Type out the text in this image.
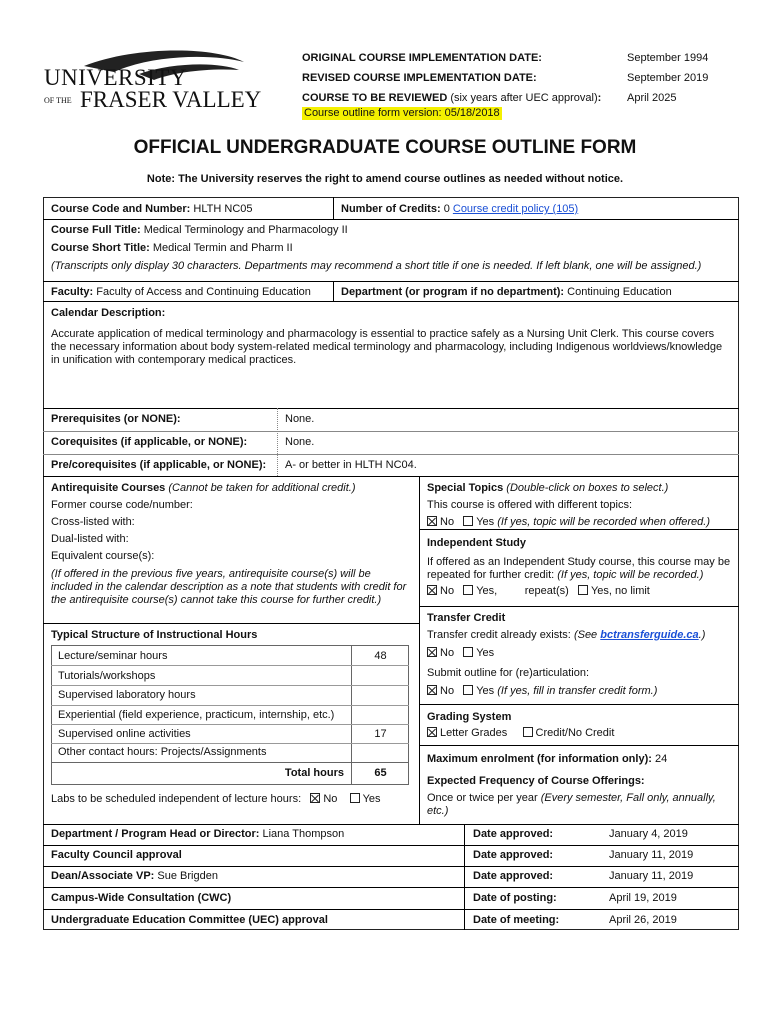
UNIVERSITY
OF THE FRASER VALLEY
ORIGINAL COURSE IMPLEMENTATION DATE:	September 1994
REVISED COURSE IMPLEMENTATION DATE:	September 2019
COURSE TO BE REVIEWED (six years after UEC approval): April 2025
Course outline form version: 05/18/2018
OFFICIAL UNDERGRADUATE COURSE OUTLINE FORM
Note: The University reserves the right to amend course outlines as needed without notice.
Course Code and Number: HLTH NC05	Number of Credits: 0 Course credit policy (105)
Course Full Title: Medical Terminology and Pharmacology II
Course Short Title: Medical Termin and Pharm II
(Transcripts only display 30 characters. Departments may recommend a short title if one is needed. If left blank, one will be assigned.)
Faculty: Faculty of Access and Continuing Education	Department (or program if no department): Continuing Education
Calendar Description:
Accurate application of medical terminology and pharmacology is essential to practice safely as a Nursing Unit Clerk. This course covers the necessary information about body system-related medical terminology and pharmacology, including Indigenous worldviews/knowledge in unification with contemporary medical practices.
Prerequisites (or NONE):	None.
Corequisites (if applicable, or NONE):	None.
Pre/corequisites (if applicable, or NONE): A- or better in HLTH NC04.
Antirequisite Courses (Cannot be taken for additional credit.)
Former course code/number:
Cross-listed with:
Dual-listed with:
Equivalent course(s):
(If offered in the previous five years, antirequisite course(s) will be included in the calendar description as a note that students with credit for the antirequisite course(s) cannot take this course for further credit.)
Special Topics (Double-click on boxes to select.)
This course is offered with different topics:
No Yes (If yes, topic will be recorded when offered.)
Independent Study
If offered as an Independent Study course, this course may be repeated for further credit: (If yes, topic will be recorded.)
No Yes,	repeat(s) Yes, no limit
Transfer Credit
Transfer credit already exists: (See bctransferguide.ca.)
No Yes
Submit outline for (re)articulation:
No Yes (If yes, fill in transfer credit form.)
Grading System
Letter Grades	Credit/No Credit
Maximum enrolment (for information only): 24
Expected Frequency of Course Offerings:
Once or twice per year (Every semester, Fall only, annually, etc.)
Typical Structure of Instructional Hours
Lecture/seminar hours	48
Tutorials/workshops
Supervised laboratory hours
Experiential (field experience, practicum, internship, etc.)
Supervised online activities	17
Other contact hours: Projects/Assignments
Total hours	65
Labs to be scheduled independent of lecture hours: No Yes
Department / Program Head or Director: Liana Thompson	Date approved:	January 4, 2019
Faculty Council approval	Date approved:	January 11, 2019
Dean/Associate VP: Sue Brigden	Date approved:	January 11, 2019
Campus-Wide Consultation (CWC)	Date of posting:	April 19, 2019
Undergraduate Education Committee (UEC) approval	Date of meeting:	April 26, 2019
